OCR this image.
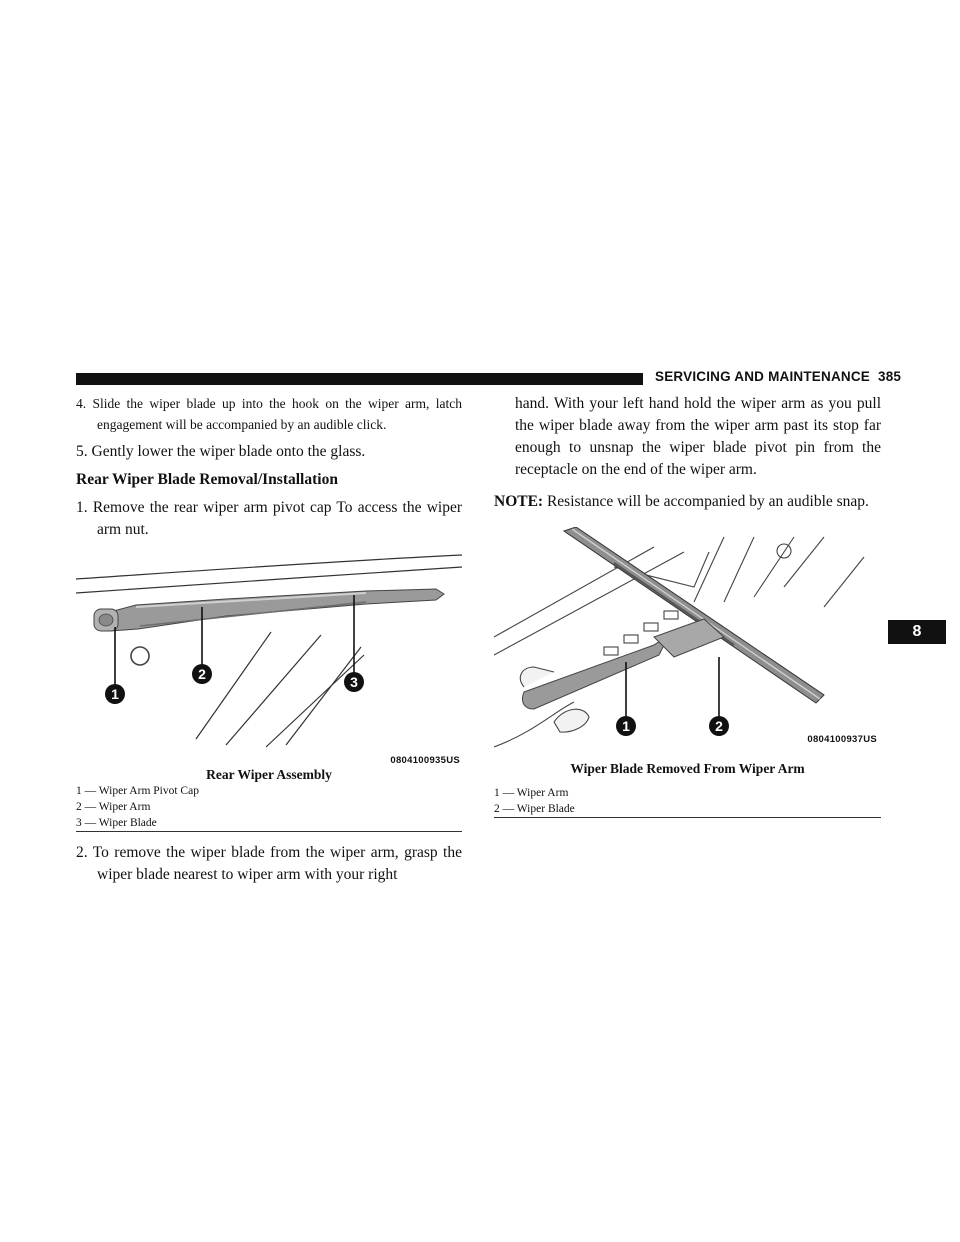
SERVICING AND MAINTENANCE 385
8

4. Slide the wiper blade up into the hook on the wiper arm, latch engagement will be accompanied by an audible click.

5. Gently lower the wiper blade onto the glass.

Rear Wiper Blade Removal/Installation

1. Remove the rear wiper arm pivot cap To access the wiper arm nut.

1
2	3
0804100935US

Rear Wiper Assembly

1 — Wiper Arm Pivot Cap

2 — Wiper Arm

3 — Wiper Blade

2. To remove the wiper blade from the wiper arm, grasp the wiper blade nearest to wiper arm with your right

hand. With your left hand hold the wiper arm as you pull the wiper blade away from the wiper arm past its stop far enough to unsnap the wiper blade pivot pin from the receptacle on the end of the wiper arm.

NOTE: Resistance will be accompanied by an audible snap.

1	2
0804100937US

Wiper Blade Removed From Wiper Arm

1 — Wiper Arm

2 — Wiper Blade
